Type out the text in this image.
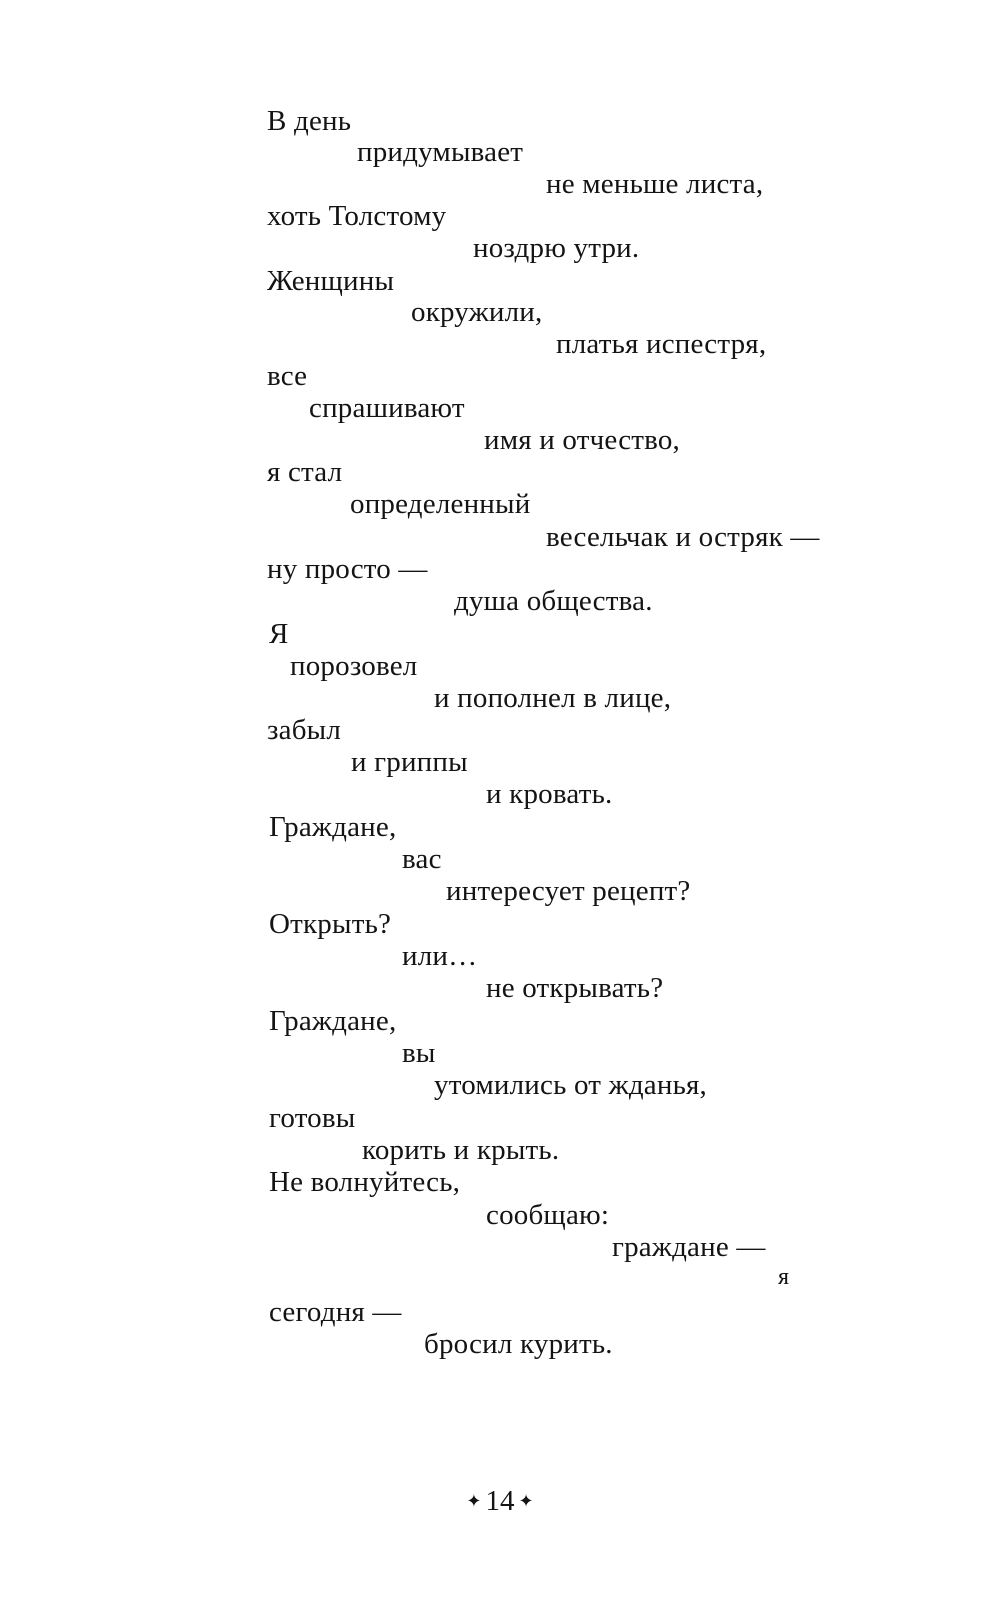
В день
придумывает
не меньше листа,
хоть Толстому
ноздрю утри.
Женщины
окружили,
платья испестря,
все
спрашивают
имя и отчество,
я стал
определенный
весельчак и остряк —
ну просто —
душа общества.
Я
порозовел
и пополнел в лице,
забыл
и гриппы
и кровать.
Граждане,
вас
интересует рецепт?
Открыть?
или…
не открывать?
Граждане,
вы
утомились от жданья,
готовы
корить и крыть.
Не волнуйтесь,
сообщаю:
граждане —
я
сегодня —
бросил курить.
✦ 14 ✦
